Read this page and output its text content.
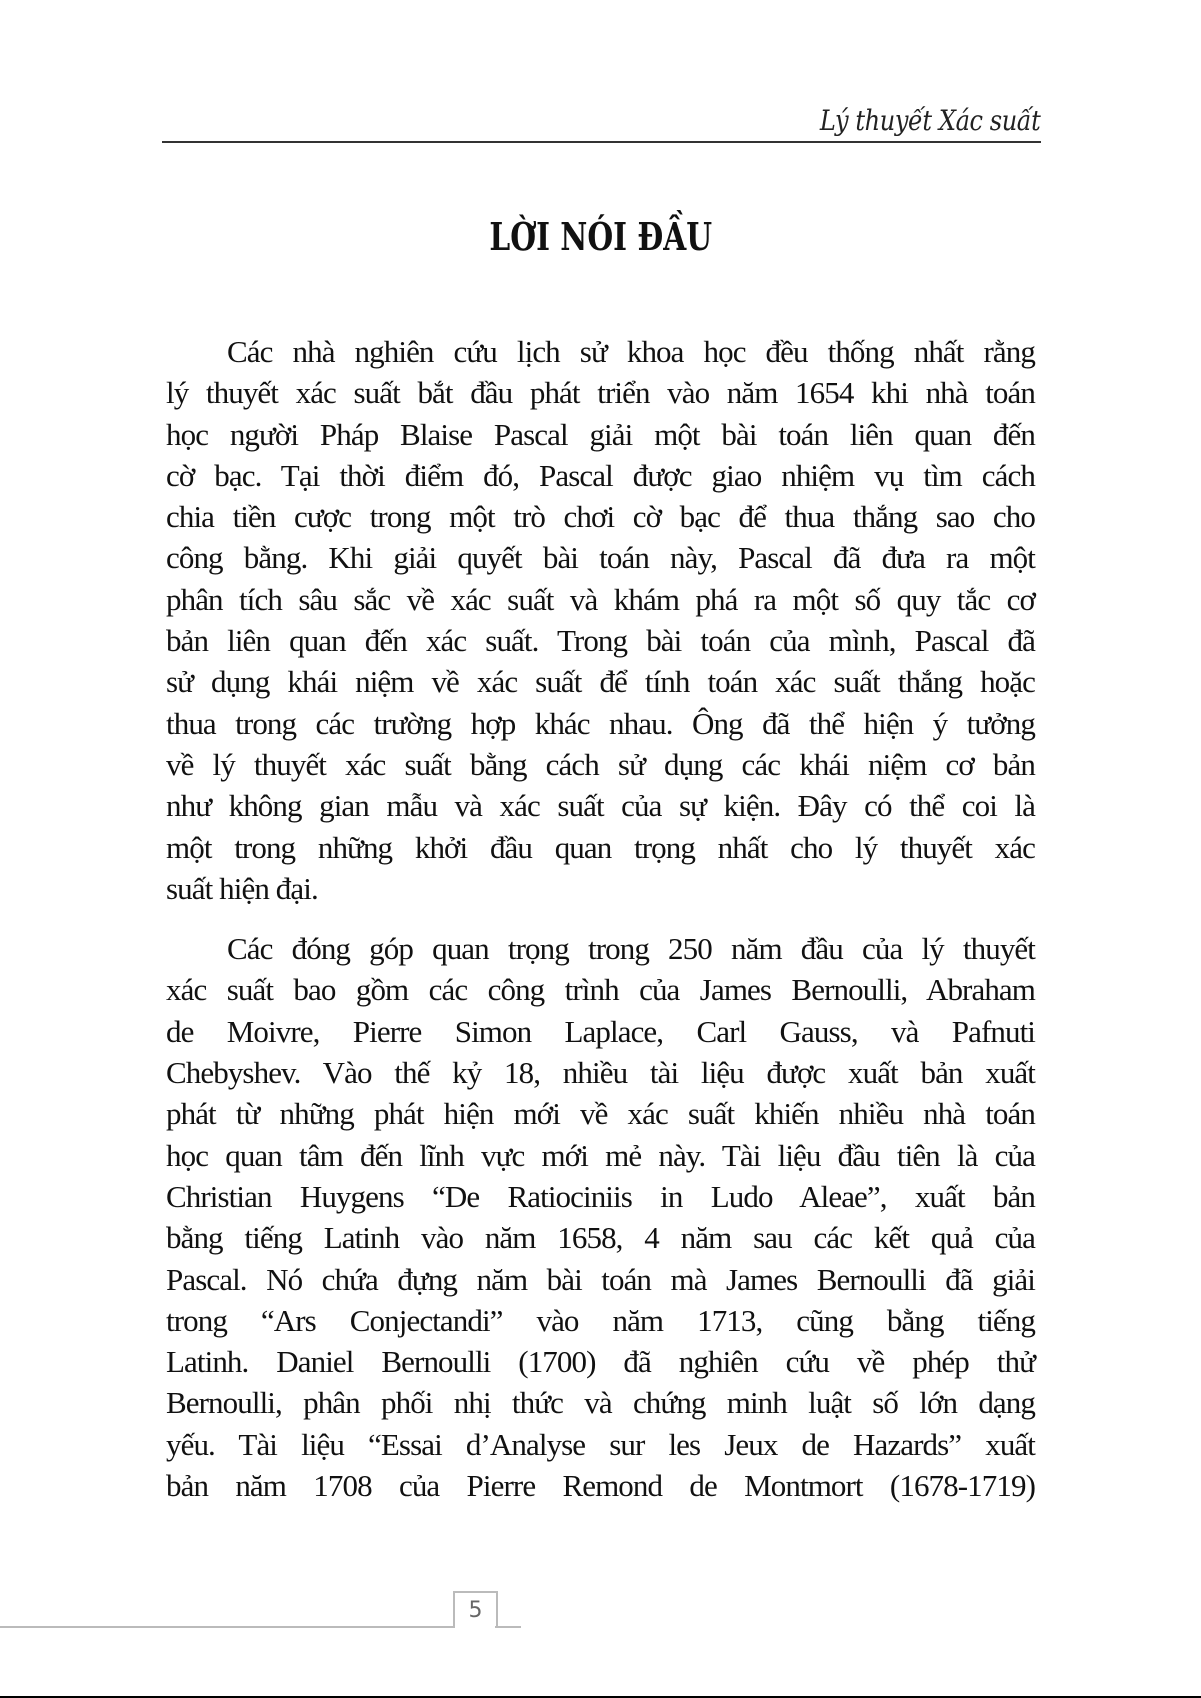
Lý thuyết Xác suất
LỜI NÓI ĐẦU
Các nhà nghiên cứu lịch sử khoa học đều thống nhất rằng
lý thuyết xác suất bắt đầu phát triển vào năm 1654 khi nhà toán
học người Pháp Blaise Pascal giải một bài toán liên quan đến
cờ bạc. Tại thời điểm đó, Pascal được giao nhiệm vụ tìm cách
chia tiền cược trong một trò chơi cờ bạc để thua thắng sao cho
công bằng. Khi giải quyết bài toán này, Pascal đã đưa ra một
phân tích sâu sắc về xác suất và khám phá ra một số quy tắc cơ
bản liên quan đến xác suất. Trong bài toán của mình, Pascal đã
sử dụng khái niệm về xác suất để tính toán xác suất thắng hoặc
thua trong các trường hợp khác nhau. Ông đã thể hiện ý tưởng
về lý thuyết xác suất bằng cách sử dụng các khái niệm cơ bản
như không gian mẫu và xác suất của sự kiện. Đây có thể coi là
một trong những khởi đầu quan trọng nhất cho lý thuyết xác
suất hiện đại.
Các đóng góp quan trọng trong 250 năm đầu của lý thuyết
xác suất bao gồm các công trình của James Bernoulli, Abraham
de Moivre, Pierre Simon Laplace, Carl Gauss, và Pafnuti
Chebyshev. Vào thế kỷ 18, nhiều tài liệu được xuất bản xuất
phát từ những phát hiện mới về xác suất khiến nhiều nhà toán
học quan tâm đến lĩnh vực mới mẻ này. Tài liệu đầu tiên là của
Christian Huygens “De Ratiociniis in Ludo Aleae”, xuất bản
bằng tiếng Latinh vào năm 1658, 4 năm sau các kết quả của
Pascal. Nó chứa đựng năm bài toán mà James Bernoulli đã giải
trong “Ars Conjectandi” vào năm 1713, cũng bằng tiếng
Latinh. Daniel Bernoulli (1700) đã nghiên cứu về phép thử
Bernoulli, phân phối nhị thức và chứng minh luật số lớn dạng
yếu. Tài liệu “Essai d’Analyse sur les Jeux de Hazards” xuất
bản năm 1708 của Pierre Remond de Montmort (1678-1719)
5
